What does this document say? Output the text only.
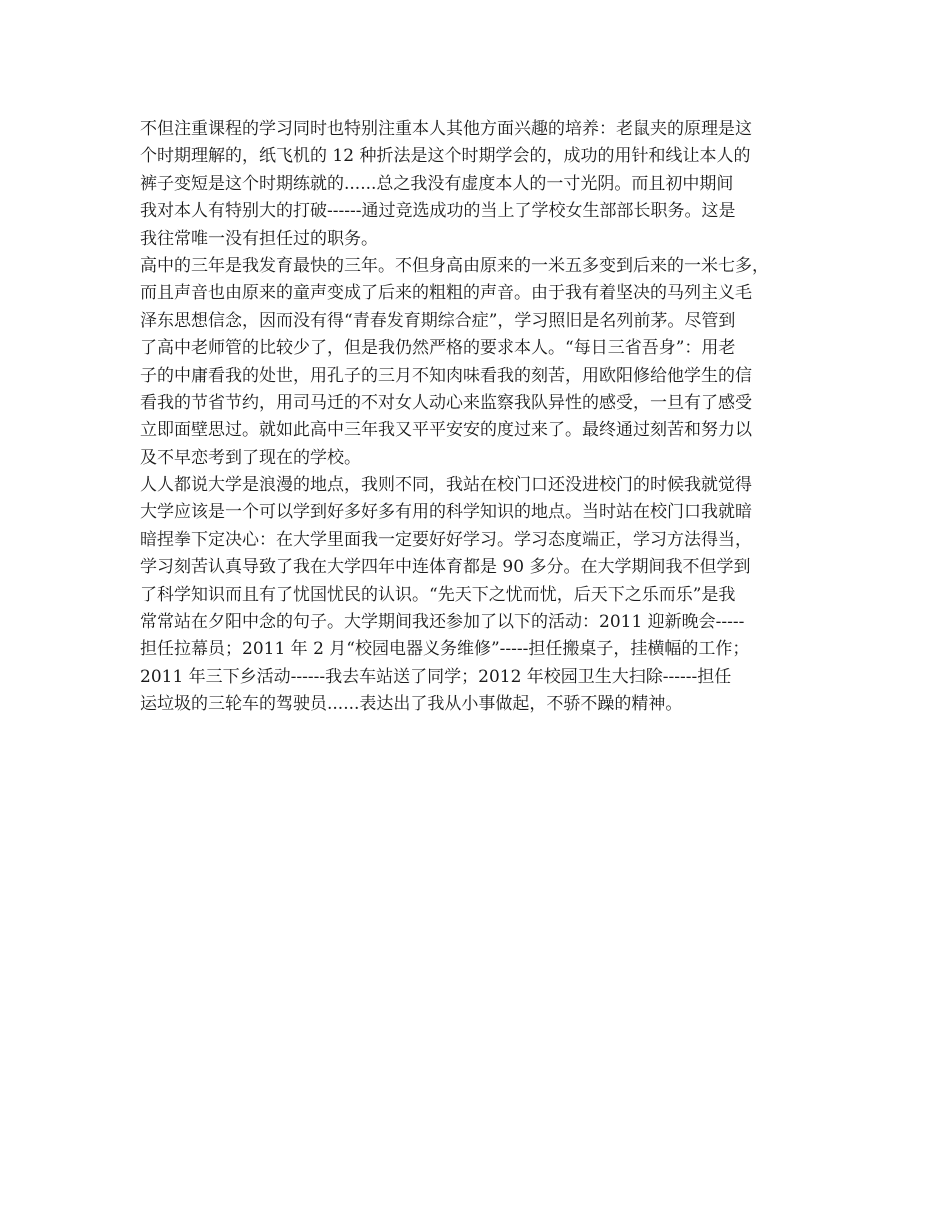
不但注重课程的学习同时也特别注重本人其他方面兴趣的培养：老鼠夹的原理是这
个时期理解的，纸飞机的 12 种折法是这个时期学会的，成功的用针和线让本人的
裤子变短是这个时期练就的......总之我没有虚度本人的一寸光阴。而且初中期间
我对本人有特别大的打破------通过竞选成功的当上了学校女生部部长职务。这是
我往常唯一没有担任过的职务。
高中的三年是我发育最快的三年。不但身高由原来的一米五多变到后来的一米七多，
而且声音也由原来的童声变成了后来的粗粗的声音。由于我有着坚决的马列主义毛
泽东思想信念，因而没有得“青春发育期综合症”，学习照旧是名列前茅。尽管到
了高中老师管的比较少了，但是我仍然严格的要求本人。“每日三省吾身”：用老
子的中庸看我的处世，用孔子的三月不知肉味看我的刻苦，用欧阳修给他学生的信
看我的节省节约，用司马迁的不对女人动心来监察我队异性的感受，一旦有了感受
立即面壁思过。就如此高中三年我又平平安安的度过来了。最终通过刻苦和努力以
及不早恋考到了现在的学校。
人人都说大学是浪漫的地点，我则不同，我站在校门口还没进校门的时候我就觉得
大学应该是一个可以学到好多好多有用的科学知识的地点。当时站在校门口我就暗
暗捏拳下定决心：在大学里面我一定要好好学习。学习态度端正，学习方法得当，
学习刻苦认真导致了我在大学四年中连体育都是 90 多分。在大学期间我不但学到
了科学知识而且有了忧国忧民的认识。“先天下之忧而忧，后天下之乐而乐”是我
常常站在夕阳中念的句子。大学期间我还参加了以下的活动：2011 迎新晚会-----
担任拉幕员；2011 年 2 月“校园电器义务维修”-----担任搬桌子，挂横幅的工作；
2011 年三下乡活动------我去车站送了同学；2012 年校园卫生大扫除------担任
运垃圾的三轮车的驾驶员......表达出了我从小事做起，不骄不躁的精神。
